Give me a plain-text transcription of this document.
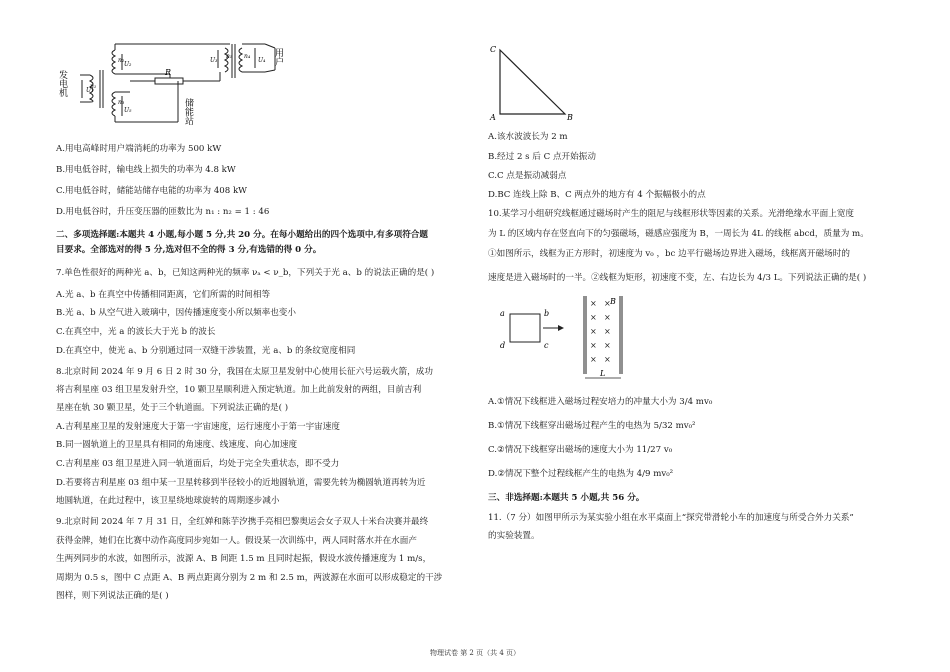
发电机	U₁
n₁
n₂
U₂
n₃
U₅
R
U₃
n₅ n₄
U₄ 用户
储能站
A.用电高峰时用户端消耗的功率为 500 kW
B.用电低谷时，输电线上损失的功率为 4.8 kW
C.用电低谷时，储能站储存电能的功率为 408 kW
D.用电低谷时，升压变压器的匝数比为 n₁ : n₂ = 1 : 46
二、多项选择题:本题共 4 小题,每小题 5 分,共 20 分。在每小题给出的四个选项中,有多项符合题
目要求。全部选对的得 5 分,选对但不全的得 3 分,有选错的得 0 分。
7.单色性很好的两种光 a、b，已知这两种光的频率 νₐ < ν_b，下列关于光 a、b 的说法正确的是( )
A.光 a、b 在真空中传播相同距离，它们所需的时间相等
B.光 a、b 从空气进入玻璃中，因传播速度变小所以频率也变小
C.在真空中，光 a 的波长大于光 b 的波长
D.在真空中，使光 a、b 分别通过同一双缝干涉装置，光 a、b 的条纹宽度相同
8.北京时间 2024 年 9 月 6 日 2 时 30 分，我国在太原卫星发射中心使用长征六号运载火箭，成功
将吉利星座 03 组卫星发射升空，10 颗卫星顺利进入预定轨道。加上此前发射的两组，目前吉利
星座在轨 30 颗卫星，处于三个轨道面。下列说法正确的是( )
A.吉利星座卫星的发射速度大于第一宇宙速度，运行速度小于第一宇宙速度
B.同一圆轨道上的卫星具有相同的角速度、线速度、向心加速度
C.吉利星座 03 组卫星进入同一轨道面后，均处于完全失重状态，即不受力
D.若要将吉利星座 03 组中某一卫星转移到半径较小的近地圆轨道，需要先转为椭圆轨道再转为近
地圆轨道，在此过程中，该卫星绕地球旋转的周期逐步减小
9.北京时间 2024 年 7 月 31 日，全红婵和陈芋汐携手亮相巴黎奥运会女子双人十米台决赛并最终
获得金牌，她们在比赛中动作高度同步宛如一人。假设某一次训练中，两人同时落水并在水面产
生两列同步的水波，如图所示，波源 A、B 间距 1.5 m 且同时起振，假设水波传播速度为 1 m/s，
周期为 0.5 s，图中 C 点距 A、B 两点距离分别为 2 m 和 2.5 m，两波源在水面可以形成稳定的干涉
图样，则下列说法正确的是( )
C
A	B
A.该水波波长为 2 m
B.经过 2 s 后 C 点开始振动
C.C 点是振动减弱点
D.BC 连线上除 B、C 两点外的地方有 4 个振幅极小的点
10.某学习小组研究线框通过磁场时产生的阻尼与线框形状等因素的关系。光滑绝缘水平面上宽度
为 L 的区域内存在竖直向下的匀强磁场，磁感应强度为 B，一周长为 4L 的线框 abcd，质量为 m。
①如图所示，线框为正方形时，初速度为 v₀ ，bc 边平行磁场边界进入磁场，线框离开磁场时的
速度是进入磁场时的一半。②线框为矩形，初速度不变，左、右边长为 4/3 L。下列说法正确的是( )
× ×
× ×
× ×
× ×
× ×
B
L
a	b
d	c
A.①情况下线框进入磁场过程安培力的冲量大小为 3/4 mv₀
B.①情况下线框穿出磁场过程产生的电热为 5/32 mv₀²
C.②情况下线框穿出磁场的速度大小为 11/27 v₀
D.②情况下整个过程线框产生的电热为 4/9 mv₀²
三、非选择题:本题共 5 小题,共 56 分。
11.（7 分）如图甲所示为某实验小组在水平桌面上“探究带滑轮小车的加速度与所受合外力关系”
的实验装置。
物理试卷 第 2 页（共 4 页）
